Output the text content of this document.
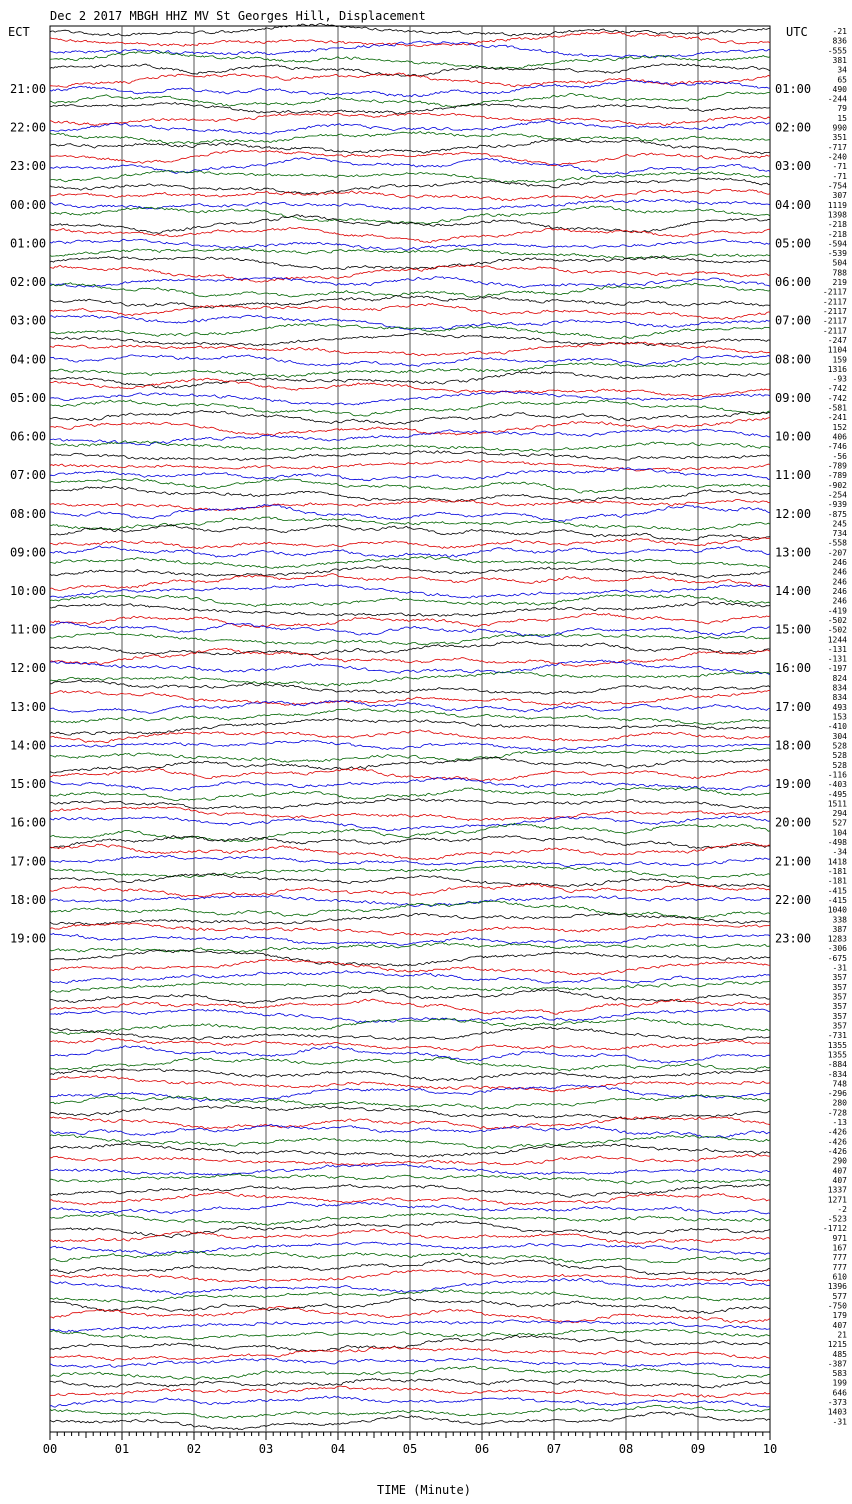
Dec 2 2017 MBGH HHZ MV St Georges Hill, Displacement
ECT	UTC
TIME (Minute)
00	01	02	03	04	05	06	07	08	09	10
-21
836
-555
381
34
65
490
-244
79
15
990
351
-717
-240
-71
-71
-754
307
1119
1398
-218
-218
-594
-539
504
788
219
-2117
-2117
-2117
-2117
-2117
-247
1104
159
1316
-93
-742
-742
-581
-241
152
406
-746
-56
-789
-789
-902
-254
-939
-875
245
734
-558
-207
246
246
246
246
246
-419
-502
-502
1244
-131
-131
-197
824
834
834
493
153
-410
304
528
528
528
-116
-403
-495
1511
294
527
104
-498
-34
1418
-181
-181
-415
-415
1040
338
387
1283
-306
-675
-31
357
357
357
357
357
357
-731
1355
1355
-884
-834
748
-296
280
-728
-13
-426
-426
-426
290
407
407
1337
1271
-2
-523
-1712
971
167
777
777
610
1396
577
-750
179
407
21
1215
485
-387
583
199
646
-373
1403
-31
21:00	01:00
22:00	02:00
23:00	03:00
00:00	04:00
01:00	05:00
02:00	06:00
03:00	07:00
04:00	08:00
05:00	09:00
06:00	10:00
07:00	11:00
08:00	12:00
09:00	13:00
10:00	14:00
11:00	15:00
12:00	16:00
13:00	17:00
14:00	18:00
15:00	19:00
16:00	20:00
17:00	21:00
18:00	22:00
19:00	23:00
